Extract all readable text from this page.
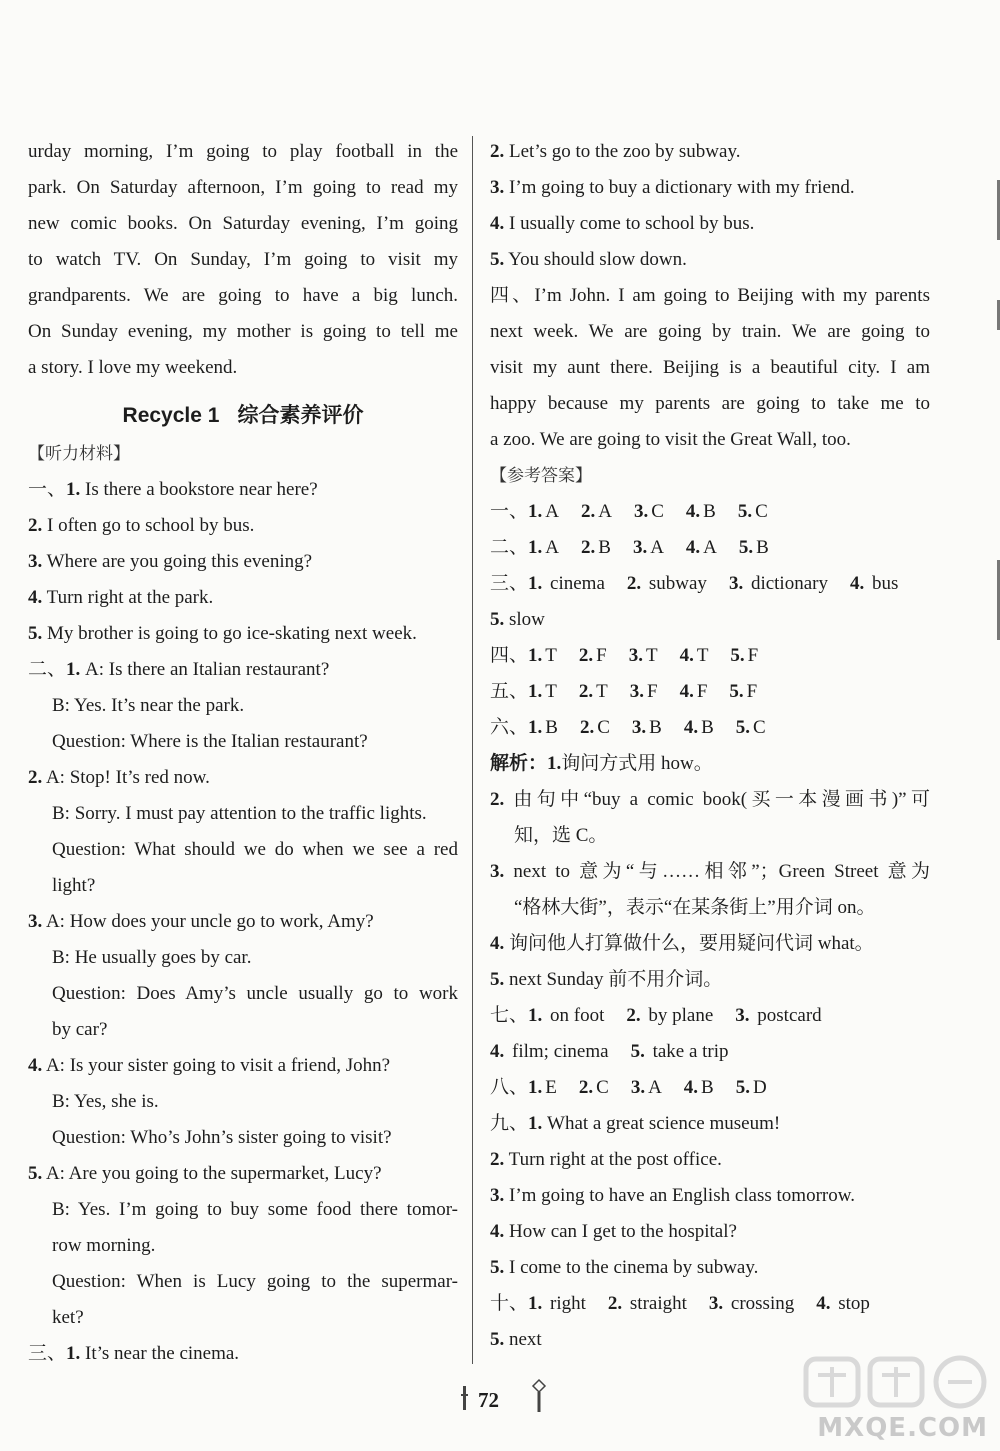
urday morning, I’m going to play football in the
park. On Saturday afternoon, I’m going to read my
new comic books. On Saturday evening, I’m going
to watch TV. On Sunday, I’m going to visit my
grandparents. We are going to have a big lunch.
On Sunday evening, my mother is going to tell me
a story. I love my weekend.
Recycle 1 综合素养评价
【听力材料】
一、1. Is there a bookstore near here?
2. I often go to school by bus.
3. Where are you going this evening?
4. Turn right at the park.
5. My brother is going to go ice-skating next week.
二、1. A: Is there an Italian restaurant?
B: Yes. It’s near the park.
Question: Where is the Italian restaurant?
2. A: Stop! It’s red now.
B: Sorry. I must pay attention to the traffic lights.
Question: What should we do when we see a red
light?
3. A: How does your uncle go to work, Amy?
B: He usually goes by car.
Question: Does Amy’s uncle usually go to work
by car?
4. A: Is your sister going to visit a friend, John?
B: Yes, she is.
Question: Who’s John’s sister going to visit?
5. A: Are you going to the supermarket, Lucy?
B: Yes. I’m going to buy some food there tomor-
row morning.
Question: When is Lucy going to the supermar-
ket?
三、1. It’s near the cinema.
2. Let’s go to the zoo by subway.
3. I’m going to buy a dictionary with my friend.
4. I usually come to school by bus.
5. You should slow down.
四、I’m John. I am going to Beijing with my parents
next week. We are going by train. We are going to
visit my aunt there. Beijing is a beautiful city. I am
happy because my parents are going to take me to
a zoo. We are going to visit the Great Wall, too.
【参考答案】
一、1. A 2. A 3. C 4. B 5. C
二、1. A 2. B 3. A 4. A 5. B
三、1. cinema 2. subway 3. dictionary 4. bus
5. slow
四、1. T 2. F 3. T 4. T 5. F
五、1. T 2. T 3. F 4. F 5. F
六、1. B 2. C 3. B 4. B 5. C
解析：1.询问方式用 how。
2. 由句中“buy a comic book(买一本漫画书)”可
知，选 C。
3. next to 意为“与……相邻”；Green Street 意为
“格林大街”，表示“在某条街上”用介词 on。
4. 询问他人打算做什么，要用疑问代词 what。
5. next Sunday 前不用介词。
七、1. on foot 2. by plane 3. postcard
4. film; cinema 5. take a trip
八、1. E 2. C 3. A 4. B 5. D
九、1. What a great science museum!
2. Turn right at the post office.
3. I’m going to have an English class tomorrow.
4. How can I get to the hospital?
5. I come to the cinema by subway.
十、1. right 2. straight 3. crossing 4. stop
5. next
72
MXQE.COM
